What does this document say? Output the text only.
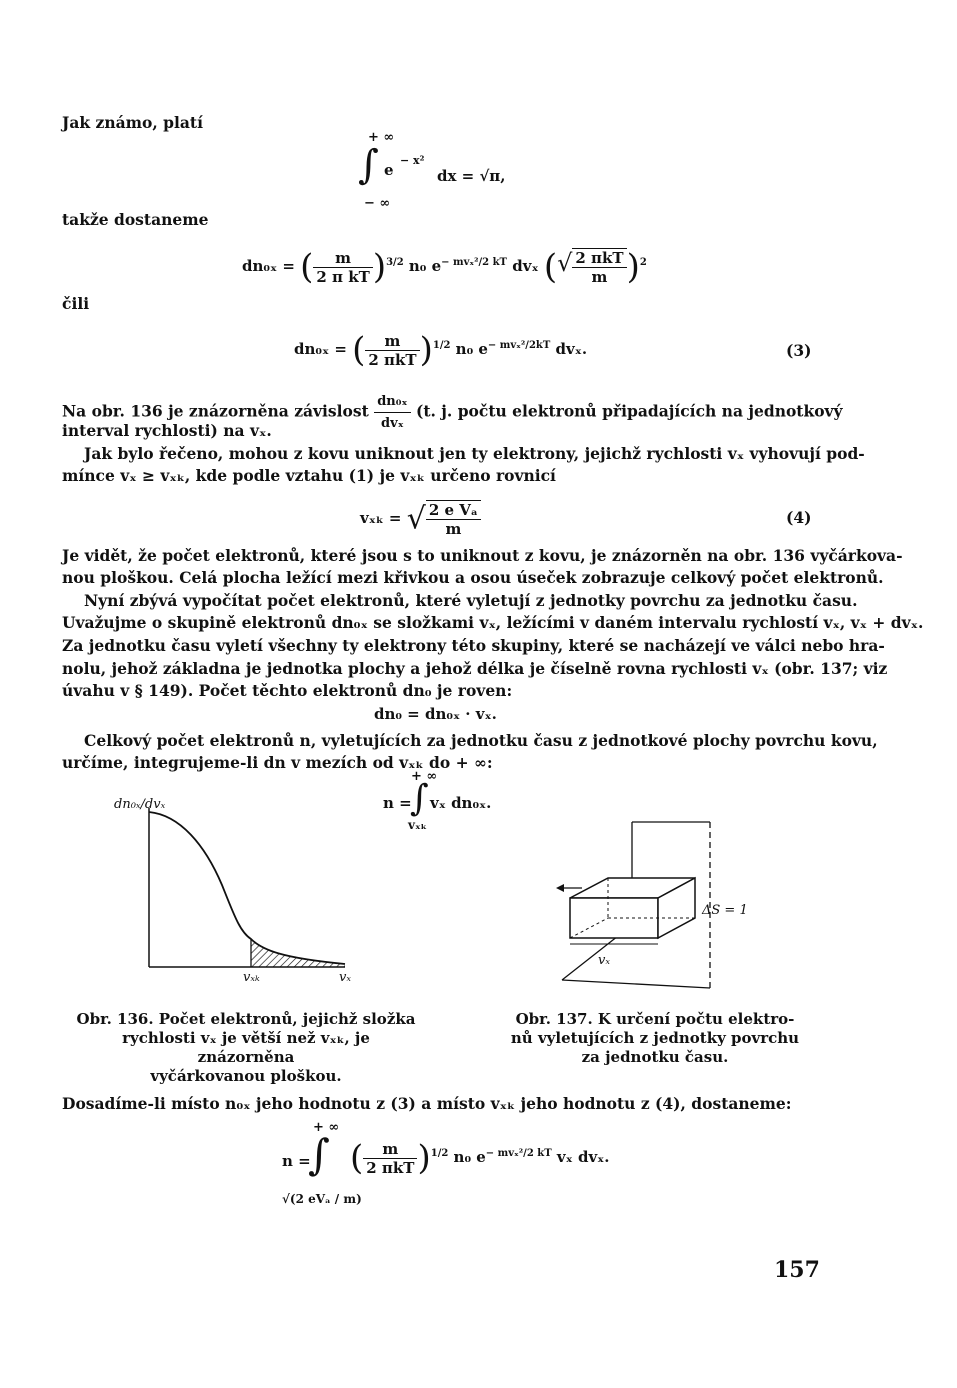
Jak známo, platí
+ ∞
∫ e
− x²
dx = √π,
− ∞
takže dostaneme
dn₀ₓ = ( $\frac{m}{\text{2 π kT}} )^{3/2}$ n₀ $e^{- mv_x^2/2 kT}$ dvₓ (√ $\frac{\text{2 πkT}}{m} )^2$
čili
dn₀ₓ = ( $\frac{m}{\text{2 πkT}} )^{1/2}$ n₀ $e^{- mv_x^2/2kT}$ dvₓ.	(3)
Na obr. 136 je znázorněna závislost $\frac{\text{dn₀ₓ}}{\text{dvₓ}} (t$. j. počtu elektronů připadajících na jednotkový
interval rychlosti) na vₓ.
Jak bylo řečeno, mohou z kovu uniknout jen ty elektrony, jejichž rychlosti vₓ vyhovují pod-
mínce vₓ ≥ vₓₖ, kde podle vztahu (1) je vₓₖ určeno rovnicí
vₓₖ = √ $\frac{\text{2 e Vₐ}}{m}$	(4)
Je vidět, že počet elektronů, které jsou s to uniknout z kovu, je znázorněn na obr. 136 vyčárkova-
nou ploškou. Celá plocha ležící mezi křivkou a osou úseček zobrazuje celkový počet elektronů.
Nyní zbývá vypočítat počet elektronů, které vyletují z jednotky povrchu za jednotku času.
Uvažujme o skupině elektronů dn₀ₓ se složkami vₓ, ležícími v daném intervalu rychlostí vₓ, vₓ + dvₓ.
Za jednotku času vyletí všechny ty elektrony této skupiny, které se nacházejí ve válci nebo hra-
nolu, jehož základna je jednotka plochy a jehož délka je číselně rovna rychlosti vₓ (obr. 137; viz
úvahu v § 149). Počet těchto elektronů dn₀ je roven:
dn₀ = dn₀ₓ · vₓ.
Celkový počet elektronů n, vyletujících za jednotku času z jednotkové plochy povrchu kovu,
určíme, integrujeme-li dn v mezích od vₓₖ do + ∞:
+ ∞
n =
∫ vₓ dn₀ₓ.
vₓₖ
dn₀ₓ/dvₓ
vₓₖ	vₓ
ΔS = 1
vₓ
Obr. 136. Počet elektronů, jejichž složka
rychlosti vₓ je větší než vₓₖ, je znázorněna
vyčárkovanou ploškou.
Obr. 137. K určení počtu elektro-
nů vyletujících z jednotky povrchu
za jednotku času.
Dosadíme-li místo n₀ₓ jeho hodnotu z (3) a místo vₓₖ jeho hodnotu z (4), dostaneme:
+ ∞
n =
∫ ( $\frac{m}{\text{2 πkT}} )^{1/2}$ n₀ $e^{- mv_x^2/2 kT}$ vₓ dvₓ.
√(2 eVₐ / m)
157
